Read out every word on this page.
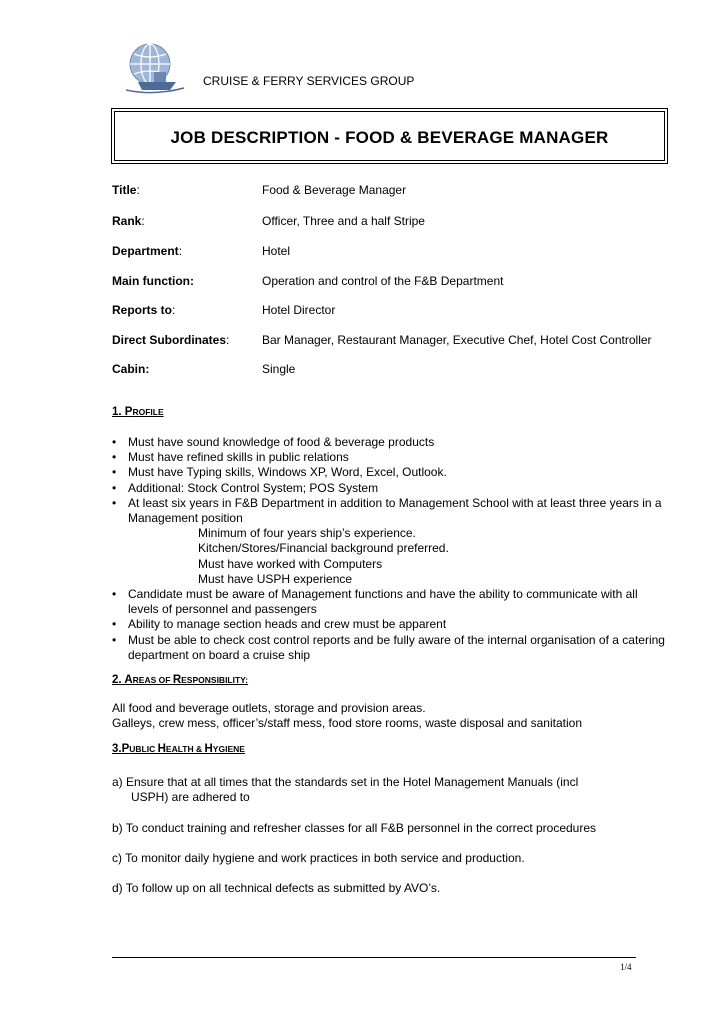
CRUISE & FERRY SERVICES GROUP
JOB DESCRIPTION - FOOD & BEVERAGE MANAGER
Title:	Food & Beverage Manager
Rank:	Officer, Three and a half Stripe
Department:	Hotel
Main function:	Operation and control of the F&B Department
Reports to:	Hotel Director
Direct Subordinates:	Bar Manager, Restaurant Manager, Executive Chef, Hotel Cost Controller
Cabin:	Single
1. PROFILE
• Must have sound knowledge of food & beverage products
• Must have refined skills in public relations
• Must have Typing skills, Windows XP, Word, Excel, Outlook.
• Additional: Stock Control System; POS System
• At least six years in F&B Department in addition to Management School with at least three years in a Management position
Minimum of four years ship’s experience.
Kitchen/Stores/Financial background preferred.
Must have worked with Computers
Must have USPH experience
• Candidate must be aware of Management functions and have the ability to communicate with all levels of personnel and passengers
• Ability to manage section heads and crew must be apparent
• Must be able to check cost control reports and be fully aware of the internal organisation of a catering department on board a cruise ship
2. AREAS OF RESPONSIBILITY:
All food and beverage outlets, storage and provision areas.
Galleys, crew mess, officer’s/staff mess, food store rooms, waste disposal and sanitation
3.PUBLIC HEALTH & HYGIENE
a) Ensure that at all times that the standards set in the Hotel Management Manuals (incl
USPH) are adhered to
b) To conduct training and refresher classes for all F&B personnel in the correct procedures
c) To monitor daily hygiene and work practices in both service and production.
d) To follow up on all technical defects as submitted by AVO’s.
1/4
